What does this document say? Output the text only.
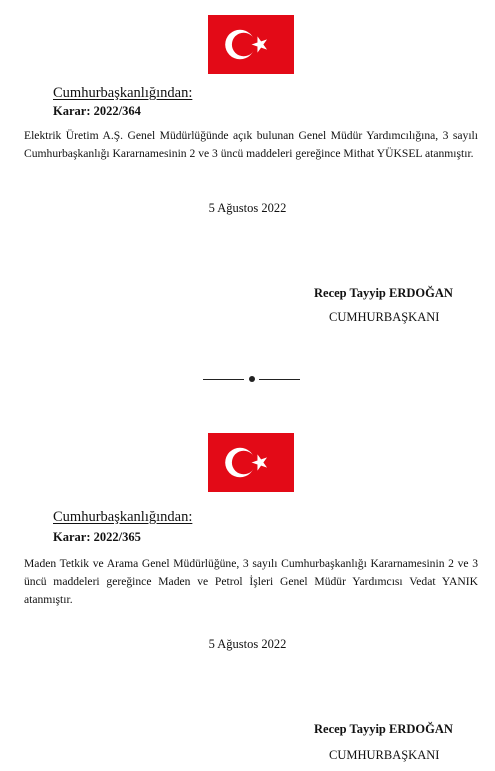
Cumhurbaşkanlığından:
Karar: 2022/364
Elektrik Üretim A.Ş. Genel Müdürlüğünde açık bulunan Genel Müdür Yardımcılığına, 3 sayılı Cumhurbaşkanlığı Kararnamesinin 2 ve 3 üncü maddeleri gereğince Mithat YÜKSEL atanmıştır.
5 Ağustos 2022
Recep Tayyip ERDOĞAN
CUMHURBAŞKANI
Cumhurbaşkanlığından:
Karar: 2022/365
Maden Tetkik ve Arama Genel Müdürlüğüne, 3 sayılı Cumhurbaşkanlığı Kararnamesinin 2 ve 3 üncü maddeleri gereğince Maden ve Petrol İşleri Genel Müdür Yardımcısı Vedat YANIK atanmıştır.
5 Ağustos 2022
Recep Tayyip ERDOĞAN
CUMHURBAŞKANI
